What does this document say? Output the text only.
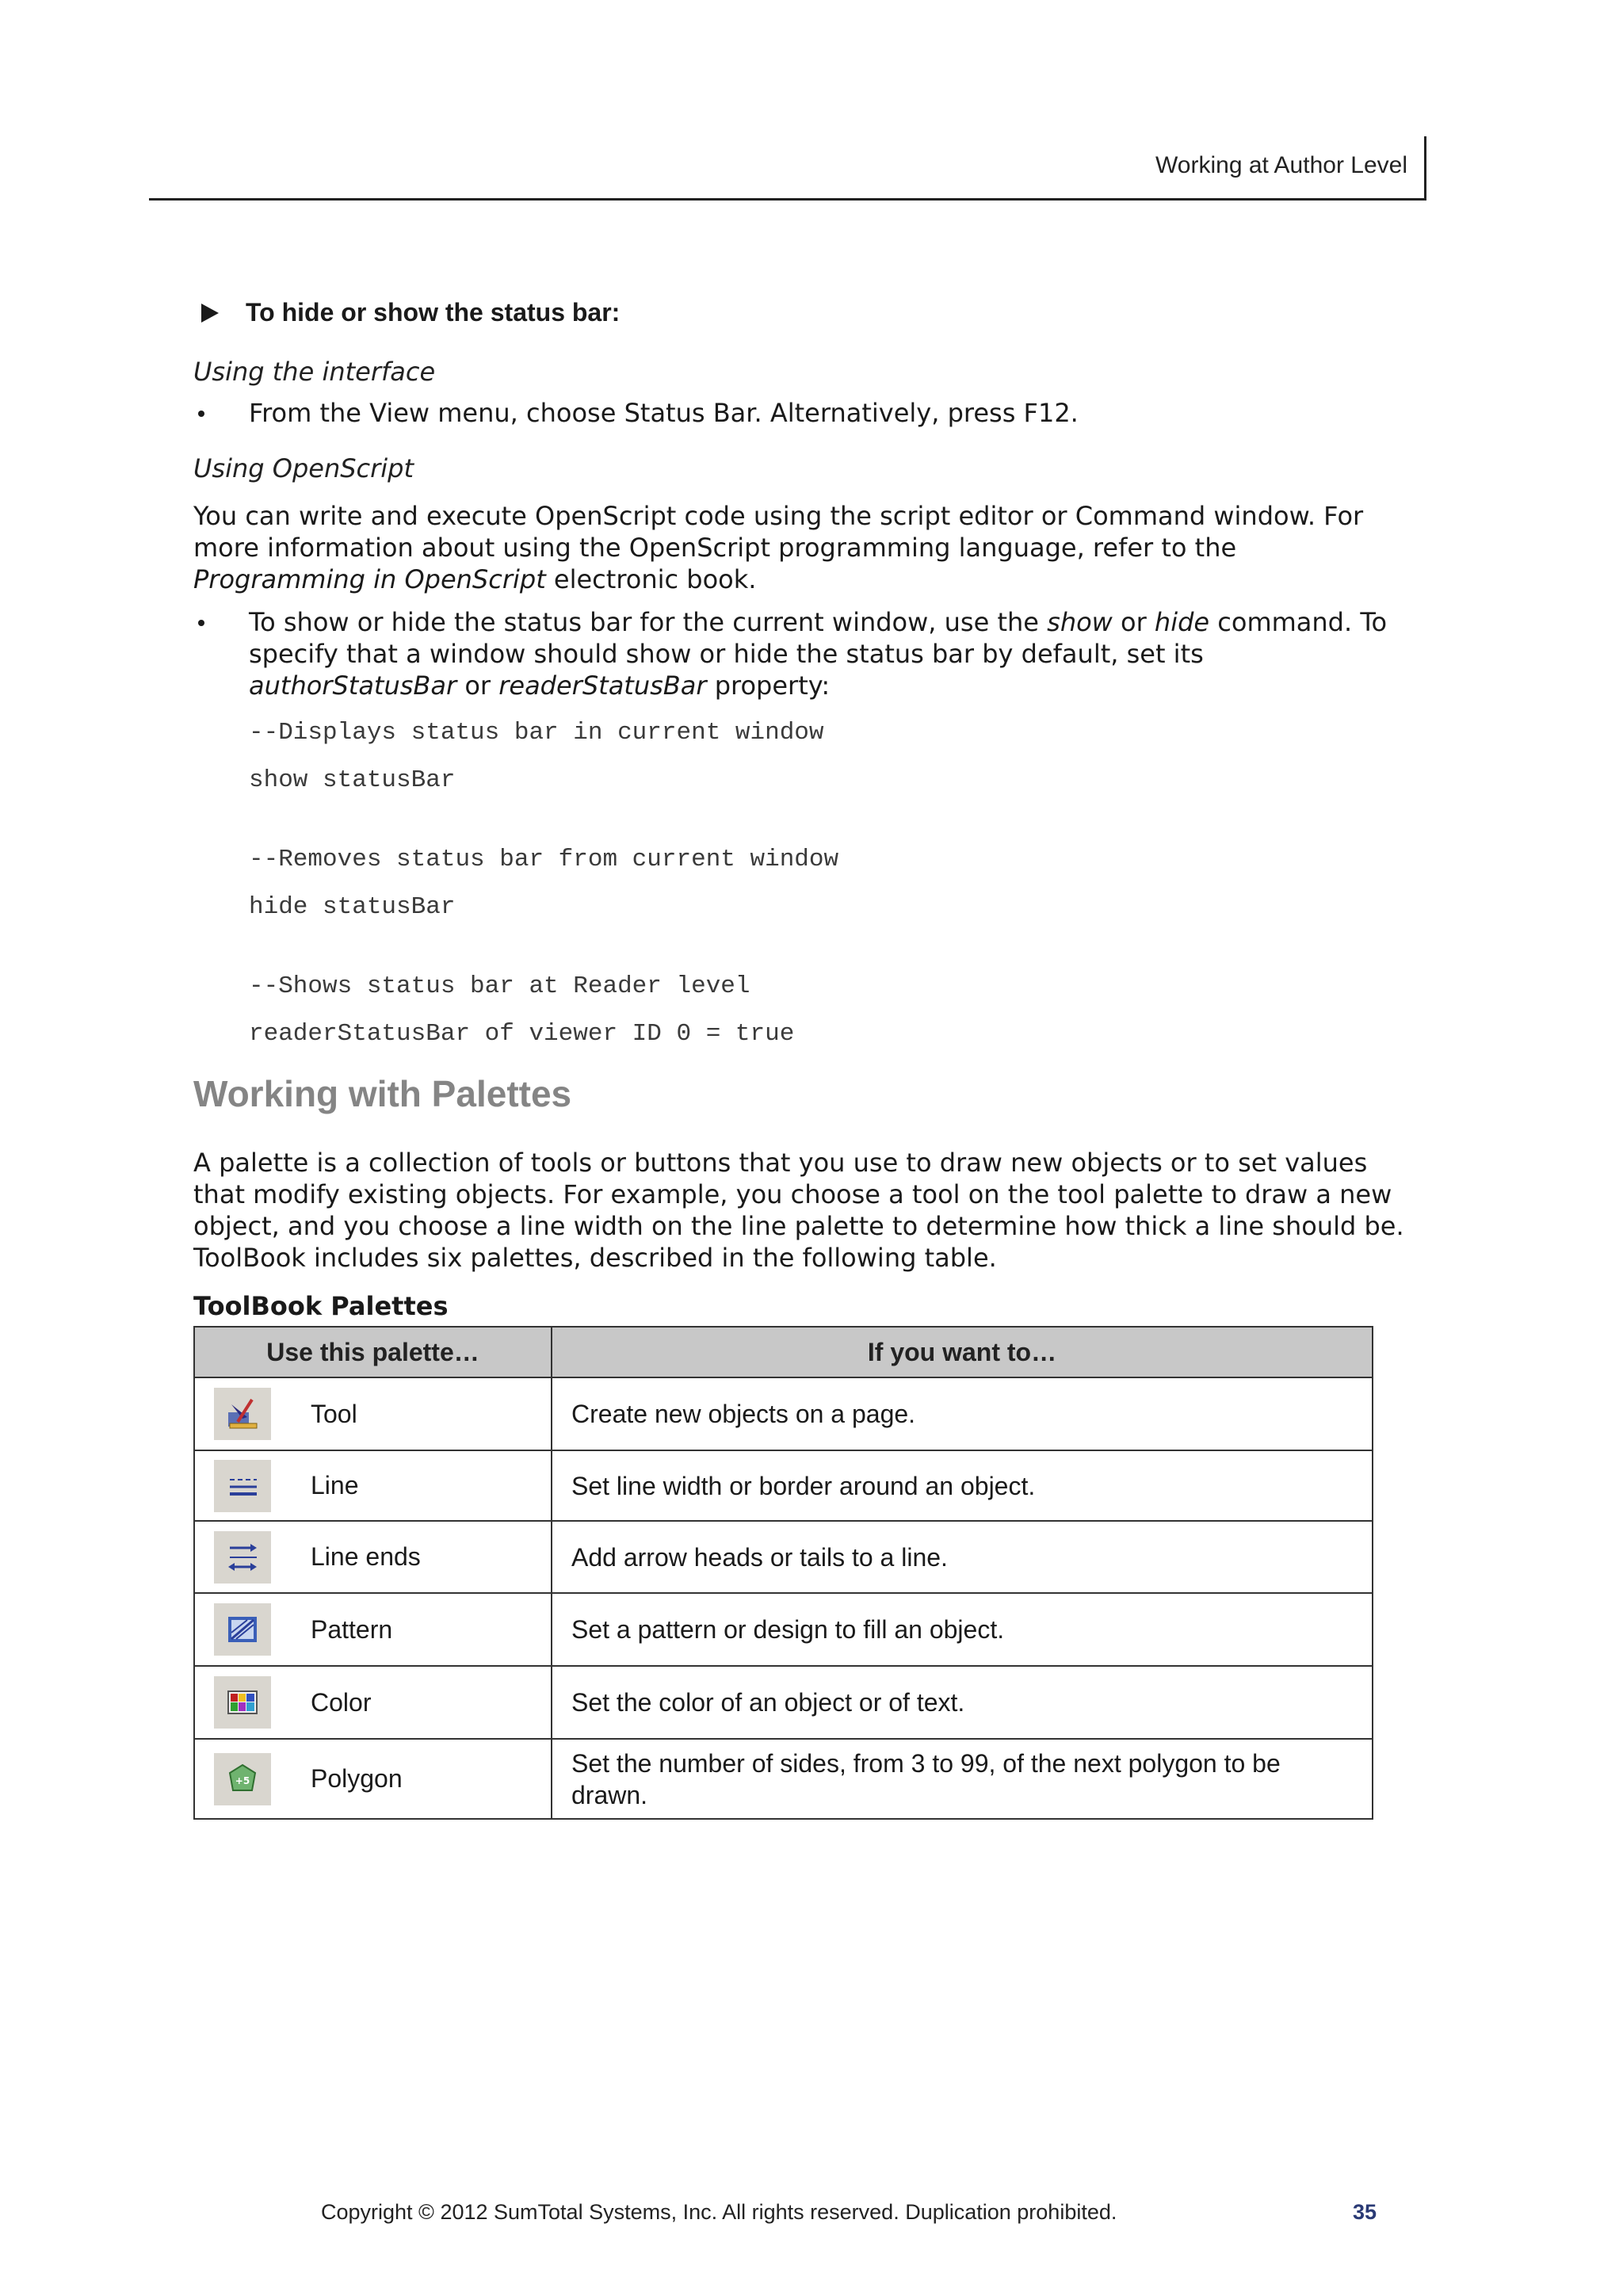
Working at Author Level
To hide or show the status bar:
Using the interface
From the View menu, choose Status Bar. Alternatively, press F12.
Using OpenScript
You can write and execute OpenScript code using the script editor or Command window. For more information about using the OpenScript programming language, refer to the Programming in OpenScript electronic book.
To show or hide the status bar for the current window, use the show or hide command. To specify that a window should show or hide the status bar by default, set its authorStatusBar or readerStatusBar property:
--Displays status bar in current window
show statusBar
--Removes status bar from current window
hide statusBar
--Shows status bar at Reader level
readerStatusBar of viewer ID 0 = true
Working with Palettes
A palette is a collection of tools or buttons that you use to draw new objects or to set values that modify existing objects. For example, you choose a tool on the tool palette to draw a new object, and you choose a line width on the line palette to determine how thick a line should be. ToolBook includes six palettes, described in the following table.
ToolBook Palettes
Use this palette…	If you want to…

Tool	Create new objects on a page.

Line	Set line width or border around an object.

Line ends	Add arrow heads or tails to a line.

Pattern	Set a pattern or design to fill an object.

Color	Set the color of an object or of text.

+5 Polygon	Set the number of sides, from 3 to 99, of the next polygon to be drawn.
Copyright © 2012 SumTotal Systems, Inc. All rights reserved. Duplication prohibited.	35
